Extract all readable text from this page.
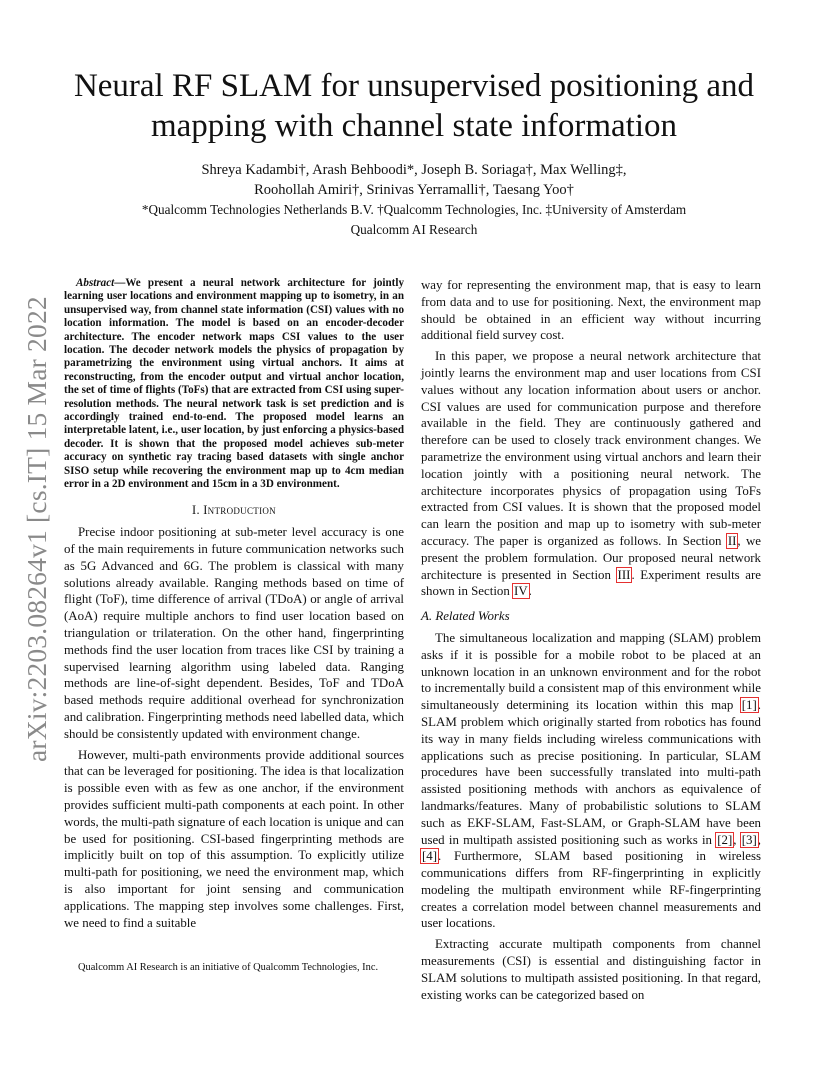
arXiv:2203.08264v1 [cs.IT] 15 Mar 2022
Neural RF SLAM for unsupervised positioning and mapping with channel state information
Shreya Kadambi†, Arash Behboodi*, Joseph B. Soriaga†, Max Welling‡,
Roohollah Amiri†, Srinivas Yerramalli†, Taesang Yoo†
*Qualcomm Technologies Netherlands B.V. †Qualcomm Technologies, Inc. ‡University of Amsterdam
Qualcomm AI Research

Abstract—We present a neural network architecture for jointly learning user locations and environment mapping up to isometry, in an unsupervised way, from channel state information (CSI) values with no location information. The model is based on an encoder-decoder architecture. The encoder network maps CSI values to the user location. The decoder network models the physics of propagation by parametrizing the environment using virtual anchors. It aims at reconstructing, from the encoder output and virtual anchor location, the set of time of flights (ToFs) that are extracted from CSI using super-resolution methods. The neural network task is set prediction and is accordingly trained end-to-end. The proposed model learns an interpretable latent, i.e., user location, by just enforcing a physics-based decoder. It is shown that the proposed model achieves sub-meter accuracy on synthetic ray tracing based datasets with single anchor SISO setup while recovering the environment map up to 4cm median error in a 2D environment and 15cm in a 3D environment.

I. Introduction

Precise indoor positioning at sub-meter level accuracy is one of the main requirements in future communication networks such as 5G Advanced and 6G. The problem is classical with many solutions already available. Ranging methods based on time of flight (ToF), time difference of arrival (TDoA) or angle of arrival (AoA) require multiple anchors to find user location based on triangulation or trilateration. On the other hand, fingerprinting methods find the user location from traces like CSI by training a supervised learning algorithm using labeled data. Ranging methods are line-of-sight dependent. Besides, ToF and TDoA based methods require additional overhead for synchronization and calibration. Fingerprinting methods need labelled data, which should be consistently updated with environment change.

However, multi-path environments provide additional sources that can be leveraged for positioning. The idea is that localization is possible even with as few as one anchor, if the environment provides sufficient multi-path components at each point. In other words, the multi-path signature of each location is unique and can be used for positioning. CSI-based fingerprinting methods are implicitly built on top of this assumption. To explicitly utilize multi-path for positioning, we need the environment map, which is also important for joint sensing and communication applications. The mapping step involves some challenges. First, we need to find a suitable

way for representing the environment map, that is easy to learn from data and to use for positioning. Next, the environment map should be obtained in an efficient way without incurring additional field survey cost.

In this paper, we propose a neural network architecture that jointly learns the environment map and user locations from CSI values without any location information about users or anchor. CSI values are used for communication purpose and therefore available in the field. They are continuously gathered and therefore can be used to closely track environment changes. We parametrize the environment using virtual anchors and learn their location jointly with a positioning neural network. The architecture incorporates physics of propagation using ToFs extracted from CSI values. It is shown that the proposed model can learn the position and map up to isometry with sub-meter accuracy. The paper is organized as follows. In Section II, we present the problem formulation. Our proposed neural network architecture is presented in Section III. Experiment results are shown in Section IV.

A. Related Works

The simultaneous localization and mapping (SLAM) problem asks if it is possible for a mobile robot to be placed at an unknown location in an unknown environment and for the robot to incrementally build a consistent map of this environment while simultaneously determining its location within this map [1]. SLAM problem which originally started from robotics has found its way in many fields including wireless communications with applications such as precise positioning. In particular, SLAM procedures have been successfully translated into multi-path assisted positioning methods with anchors as equivalence of landmarks/features. Many of probabilistic solutions to SLAM such as EKF-SLAM, Fast-SLAM, or Graph-SLAM have been used in multipath assisted positioning such as works in [2], [3], [4]. Furthermore, SLAM based positioning in wireless communications differs from RF-fingerprinting in explicitly modeling the multipath environment while RF-fingerprinting creates a correlation model between channel measurements and user locations.

Extracting accurate multipath components from channel measurements (CSI) is essential and distinguishing factor in SLAM solutions to multipath assisted positioning. In that regard, existing works can be categorized based on

Qualcomm AI Research is an initiative of Qualcomm Technologies, Inc.
